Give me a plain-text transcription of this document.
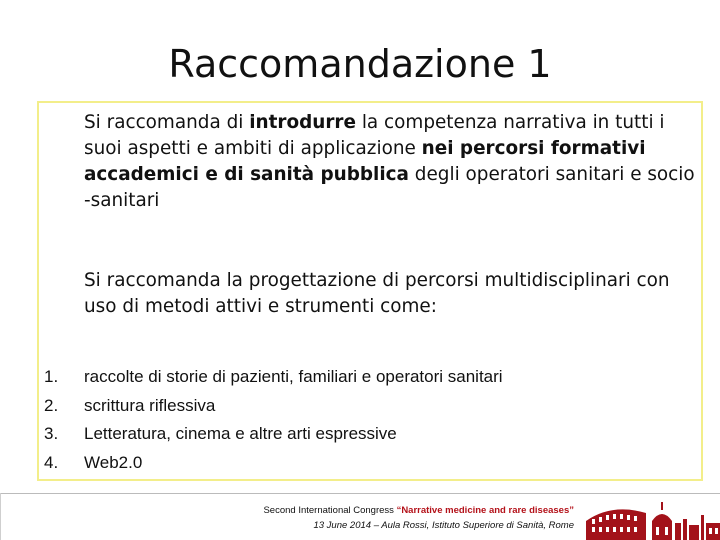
Raccomandazione 1
Si raccomanda di introdurre la competenza narrativa in tutti i suoi aspetti e ambiti di applicazione nei percorsi formativi accademici e di sanità pubblica degli operatori sanitari e socio -sanitari
Si raccomanda la progettazione di percorsi multidisciplinari con uso di metodi attivi e strumenti come:
1.	raccolte di storie di pazienti, familiari e operatori sanitari
2.	scrittura riflessiva
3.	Letteratura, cinema e altre arti espressive
4.	Web2.0
Second International Congress “Narrative medicine and rare diseases”
13 June 2014 – Aula Rossi, Istituto Superiore di Sanità, Rome
